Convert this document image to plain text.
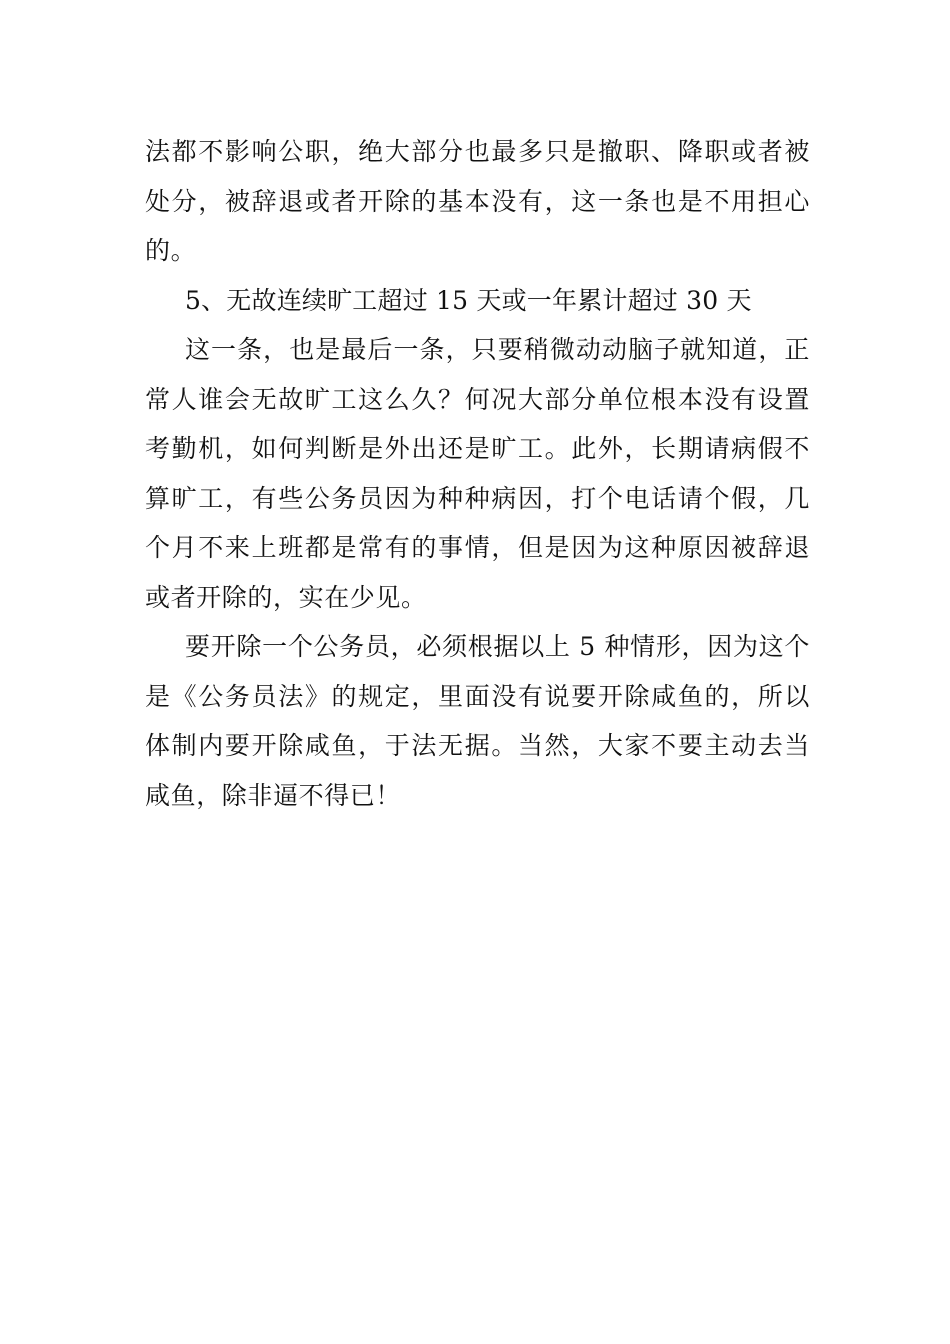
法都不影响公职，绝大部分也最多只是撤职、降职或者被处分，被辞退或者开除的基本没有，这一条也是不用担心的。

5、无故连续旷工超过 15 天或一年累计超过 30 天

这一条，也是最后一条，只要稍微动动脑子就知道，正常人谁会无故旷工这么久？何况大部分单位根本没有设置考勤机，如何判断是外出还是旷工。此外，长期请病假不算旷工，有些公务员因为种种病因，打个电话请个假，几个月不来上班都是常有的事情，但是因为这种原因被辞退或者开除的，实在少见。

要开除一个公务员，必须根据以上 5 种情形，因为这个是《公务员法》的规定，里面没有说要开除咸鱼的，所以体制内要开除咸鱼，于法无据。当然，大家不要主动去当咸鱼，除非逼不得已！
